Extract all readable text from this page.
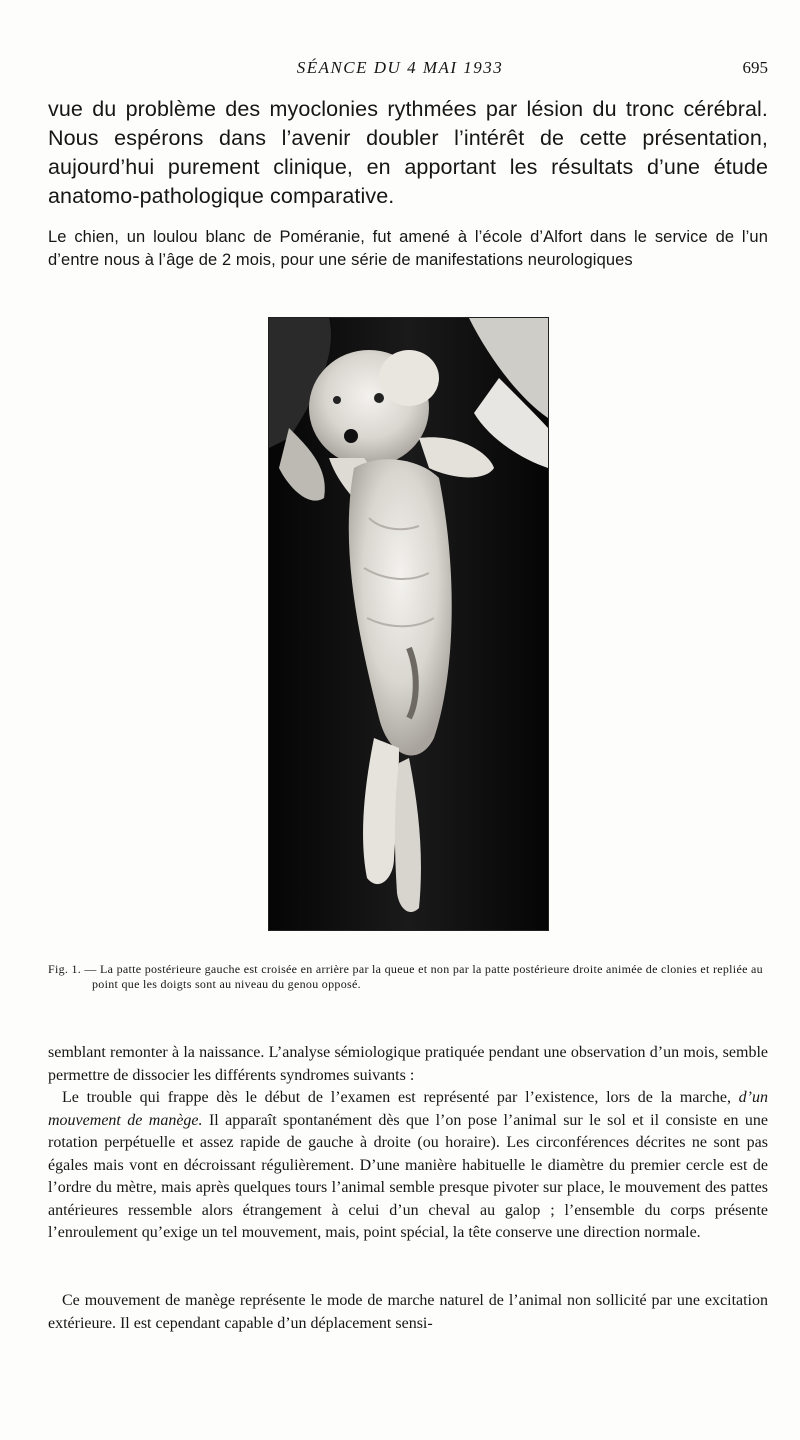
SÉANCE DU 4 MAI 1933	695

vue du problème des myoclonies rythmées par lésion du tronc cérébral. Nous espérons dans l’avenir doubler l’intérêt de cette présentation, aujourd’hui purement clinique, en apportant les résultats d’une étude anatomo-pathologique comparative.

Le chien, un loulou blanc de Poméranie, fut amené à l’école d’Alfort dans le service de l’un d’entre nous à l’âge de 2 mois, pour une série de manifestations neurologiques

Fig. 1. — La patte postérieure gauche est croisée en arrière par la queue et non par la patte postérieure droite animée de clonies et repliée au point que les doigts sont au niveau du genou opposé.

semblant remonter à la naissance. L’analyse sémiologique pratiquée pendant une observation d’un mois, semble permettre de dissocier les différents syndromes suivants :

Le trouble qui frappe dès le début de l’examen est représenté par l’existence, lors de la marche, d’un mouvement de manège. Il apparaît spontanément dès que l’on pose l’animal sur le sol et il consiste en une rotation perpétuelle et assez rapide de gauche à droite (ou horaire). Les circonférences décrites ne sont pas égales mais vont en décroissant régulièrement. D’une manière habituelle le diamètre du premier cercle est de l’ordre du mètre, mais après quelques tours l’animal semble presque pivoter sur place, le mouvement des pattes antérieures ressemble alors étrangement à celui d’un cheval au galop ; l’ensemble du corps présente l’enroulement qu’exige un tel mouvement, mais, point spécial, la tête conserve une direction normale.

Ce mouvement de manège représente le mode de marche naturel de l’animal non sollicité par une excitation extérieure. Il est cependant capable d’un déplacement sensi-
